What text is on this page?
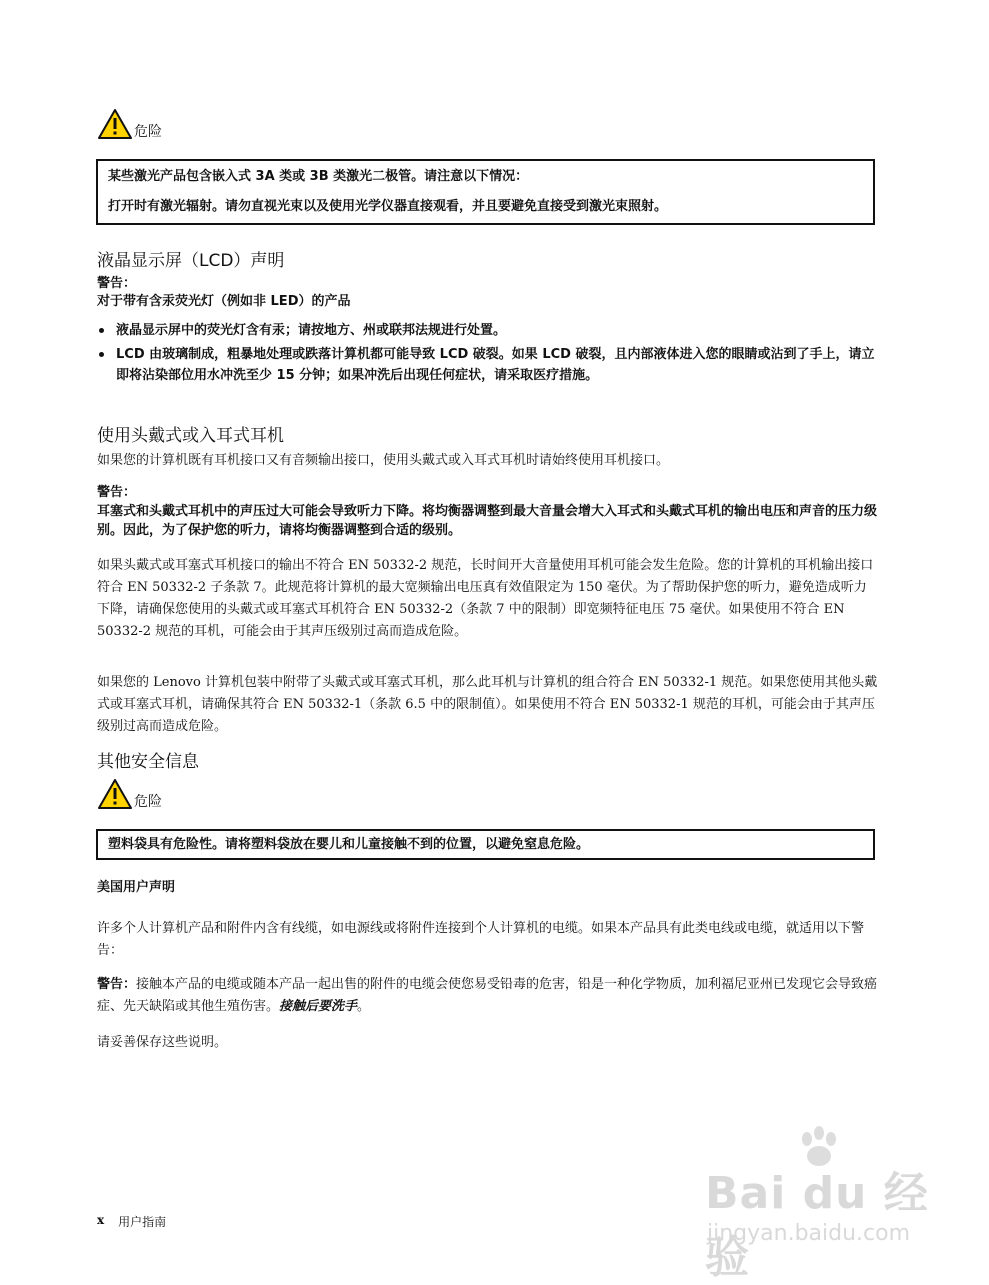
危险

某些激光产品包含嵌入式 3A 类或 3B 类激光二极管。请注意以下情况：

打开时有激光辐射。请勿直视光束以及使用光学仪器直接观看，并且要避免直接受到激光束照射。

液晶显示屏（LCD）声明

警告：

对于带有含汞荧光灯（例如非 LED）的产品

液晶显示屏中的荧光灯含有汞；请按地方、州或联邦法规进行处置。
LCD 由玻璃制成，粗暴地处理或跌落计算机都可能导致 LCD 破裂。如果 LCD 破裂，且内部液体进入您的眼睛或沾到了手上，请立即将沾染部位用水冲洗至少 15 分钟；如果冲洗后出现任何症状，请采取医疗措施。
使用头戴式或入耳式耳机

如果您的计算机既有耳机接口又有音频输出接口，使用头戴式或入耳式耳机时请始终使用耳机接口。

警告：

耳塞式和头戴式耳机中的声压过大可能会导致听力下降。将均衡器调整到最大音量会增大入耳式和头戴式耳机的输出电压和声音的压力级别。因此，为了保护您的听力，请将均衡器调整到合适的级别。

如果头戴式或耳塞式耳机接口的输出不符合 EN 50332-2 规范，长时间开大音量使用耳机可能会发生危险。您的计算机的耳机输出接口符合 EN 50332-2 子条款 7。此规范将计算机的最大宽频输出电压真有效值限定为 150 毫伏。为了帮助保护您的听力，避免造成听力下降，请确保您使用的头戴式或耳塞式耳机符合 EN 50332-2（条款 7 中的限制）即宽频特征电压 75 毫伏。如果使用不符合 EN 50332-2 规范的耳机，可能会由于其声压级别过高而造成危险。

如果您的 Lenovo 计算机包装中附带了头戴式或耳塞式耳机，那么此耳机与计算机的组合符合 EN 50332-1 规范。如果您使用其他头戴式或耳塞式耳机，请确保其符合 EN 50332-1（条款 6.5 中的限制值）。如果使用不符合 EN 50332-1 规范的耳机，可能会由于其声压级别过高而造成危险。

其他安全信息
危险

塑料袋具有危险性。请将塑料袋放在婴儿和儿童接触不到的位置，以避免窒息危险。

美国用户声明

许多个人计算机产品和附件内含有线缆，如电源线或将附件连接到个人计算机的电缆。如果本产品具有此类电线或电缆，就适用以下警告：

警告：接触本产品的电缆或随本产品一起出售的附件的电缆会使您易受铅毒的危害，铅是一种化学物质，加利福尼亚州已发现它会导致癌症、先天缺陷或其他生殖伤害。接触后要洗手。

请妥善保存这些说明。

x 用户指南
Bai du 经验
jingyan.baidu.com
